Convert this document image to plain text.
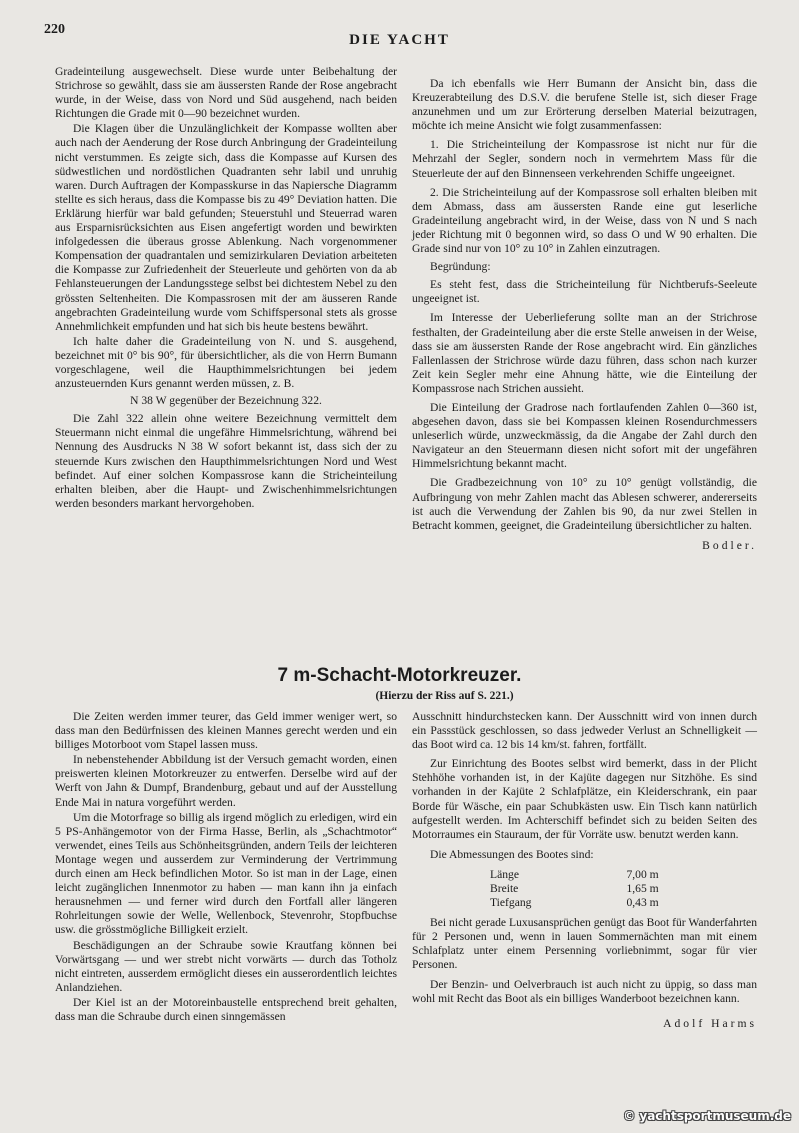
220
DIE YACHT

Gradeinteilung ausgewechselt. Diese wurde unter Beibehaltung der Strichrose so gewählt, dass sie am äussersten Rande der Rose angebracht wurde, in der Weise, dass von Nord und Süd ausgehend, nach beiden Richtungen die Grade mit 0—90 bezeichnet wurden.

Die Klagen über die Unzulänglichkeit der Kompasse wollten aber auch nach der Aenderung der Rose durch Anbringung der Gradeinteilung nicht verstummen. Es zeigte sich, dass die Kompasse auf Kursen des südwestlichen und nordöstlichen Quadranten sehr labil und unruhig waren. Durch Auftragen der Kompasskurse in das Napiersche Diagramm stellte es sich heraus, dass die Kompasse bis zu 49° Deviation hatten. Die Erklärung hierfür war bald gefunden; Steuerstuhl und Steuerrad waren aus Ersparnisrücksichten aus Eisen angefertigt worden und bewirkten infolgedessen die überaus grosse Ablenkung. Nach vorgenommener Kompensation der quadrantalen und semizirkularen Deviation arbeiteten die Kompasse zur Zufriedenheit der Steuerleute und gehörten von da ab Fehlansteuerungen der Landungsstege selbst bei dichtestem Nebel zu den grössten Seltenheiten. Die Kompassrosen mit der am äusseren Rande angebrachten Gradeinteilung wurde vom Schiffspersonal stets als grosse Annehmlichkeit empfunden und hat sich bis heute bestens bewährt.

Ich halte daher die Gradeinteilung von N. und S. ausgehend, bezeichnet mit 0° bis 90°, für übersichtlicher, als die von Herrn Bumann vorgeschlagene, weil die Haupthimmelsrichtungen bei jedem anzusteuernden Kurs genannt werden müssen, z. B.

N 38 W gegenüber der Bezeichnung 322.

Die Zahl 322 allein ohne weitere Bezeichnung vermittelt dem Steuermann nicht einmal die ungefähre Himmelsrichtung, während bei Nennung des Ausdrucks N 38 W sofort bekannt ist, dass sich der zu steuernde Kurs zwischen den Haupthimmelsrichtungen Nord und West befindet. Auf einer solchen Kompassrose kann die Stricheinteilung erhalten bleiben, aber die Haupt- und Zwischenhimmelsrichtungen werden besonders markant hervorgehoben.

Da ich ebenfalls wie Herr Bumann der Ansicht bin, dass die Kreuzerabteilung des D.S.V. die berufene Stelle ist, sich dieser Frage anzunehmen und um zur Erörterung derselben Material beizutragen, möchte ich meine Ansicht wie folgt zusammenfassen:

1. Die Stricheinteilung der Kompassrose ist nicht nur für die Mehrzahl der Segler, sondern noch in vermehrtem Mass für die Steuerleute der auf den Binnenseen verkehrenden Schiffe ungeeignet.

2. Die Stricheinteilung auf der Kompassrose soll erhalten bleiben mit dem Abmass, dass am äussersten Rande eine gut leserliche Gradeinteilung angebracht wird, in der Weise, dass von N und S nach jeder Richtung mit 0 begonnen wird, so dass O und W 90 erhalten. Die Grade sind nur von 10° zu 10° in Zahlen einzutragen.

Begründung:

Es steht fest, dass die Stricheinteilung für Nichtberufs-Seeleute ungeeignet ist.

Im Interesse der Ueberlieferung sollte man an der Strichrose festhalten, der Gradeinteilung aber die erste Stelle anweisen in der Weise, dass sie am äussersten Rande der Rose angebracht wird. Ein gänzliches Fallenlassen der Strichrose würde dazu führen, dass schon nach kurzer Zeit kein Segler mehr eine Ahnung hätte, wie die Einteilung der Kompassrose nach Strichen aussieht.

Die Einteilung der Gradrose nach fortlaufenden Zahlen 0—360 ist, abgesehen davon, dass sie bei Kompassen kleinen Rosendurchmessers unleserlich würde, unzweckmässig, da die Angabe der Zahl durch den Navigateur an den Steuermann diesen nicht sofort mit der ungefähren Himmelsrichtung bekannt macht.

Die Gradbezeichnung von 10° zu 10° genügt vollständig, die Aufbringung von mehr Zahlen macht das Ablesen schwerer, andererseits ist auch die Verwendung der Zahlen bis 90, da nur zwei Stellen in Betracht kommen, geeignet, die Gradeinteilung übersichtlicher zu halten.

Bodler.

7 m-Schacht-Motorkreuzer.
(Hierzu der Riss auf S. 221.)

Die Zeiten werden immer teurer, das Geld immer weniger wert, so dass man den Bedürfnissen des kleinen Mannes gerecht werden und ein billiges Motorboot vom Stapel lassen muss.

In nebenstehender Abbildung ist der Versuch gemacht worden, einen preiswerten kleinen Motorkreuzer zu entwerfen. Derselbe wird auf der Werft von Jahn & Dumpf, Brandenburg, gebaut und auf der Ausstellung Ende Mai in natura vorgeführt werden.

Um die Motorfrage so billig als irgend möglich zu erledigen, wird ein 5 PS-Anhängemotor von der Firma Hasse, Berlin, als „Schachtmotor“ verwendet, eines Teils aus Schönheitsgründen, andern Teils der leichteren Montage wegen und ausserdem zur Verminderung der Vertrimmung durch einen am Heck befindlichen Motor. So ist man in der Lage, einen leicht zugänglichen Innenmotor zu haben — man kann ihn ja einfach herausnehmen — und ferner wird durch den Fortfall aller längeren Rohrleitungen sowie der Welle, Wellenbock, Stevenrohr, Stopfbuchse usw. die grösstmögliche Billigkeit erzielt.

Beschädigungen an der Schraube sowie Krautfang können bei Vorwärtsgang — und wer strebt nicht vorwärts — durch das Totholz nicht eintreten, ausserdem ermöglicht dieses ein ausserordentlich leichtes Anlandziehen.

Der Kiel ist an der Motoreinbaustelle entsprechend breit gehalten, dass man die Schraube durch einen sinngemässen

Ausschnitt hindurchstecken kann. Der Ausschnitt wird von innen durch ein Passstück geschlossen, so dass jedweder Verlust an Schnelligkeit — das Boot wird ca. 12 bis 14 km/st. fahren, fortfällt.

Zur Einrichtung des Bootes selbst wird bemerkt, dass in der Plicht Stehhöhe vorhanden ist, in der Kajüte dagegen nur Sitzhöhe. Es sind vorhanden in der Kajüte 2 Schlafplätze, ein Kleiderschrank, ein paar Borde für Wäsche, ein paar Schubkästen usw. Ein Tisch kann natürlich aufgestellt werden. Im Achterschiff befindet sich zu beiden Seiten des Motorraumes ein Stauraum, der für Vorräte usw. benutzt werden kann.

Die Abmessungen des Bootes sind:

Länge	7,00 m
Breite	1,65 m
Tiefgang	0,43 m

Bei nicht gerade Luxusansprüchen genügt das Boot für Wanderfahrten für 2 Personen und, wenn in lauen Sommernächten man mit einem Schlafplatz unter einem Persenning vorliebnimmt, sogar für vier Personen.

Der Benzin- und Oelverbrauch ist auch nicht zu üppig, so dass man wohl mit Recht das Boot als ein billiges Wanderboot bezeichnen kann.

Adolf Harms

© yachtsportmuseum.de
